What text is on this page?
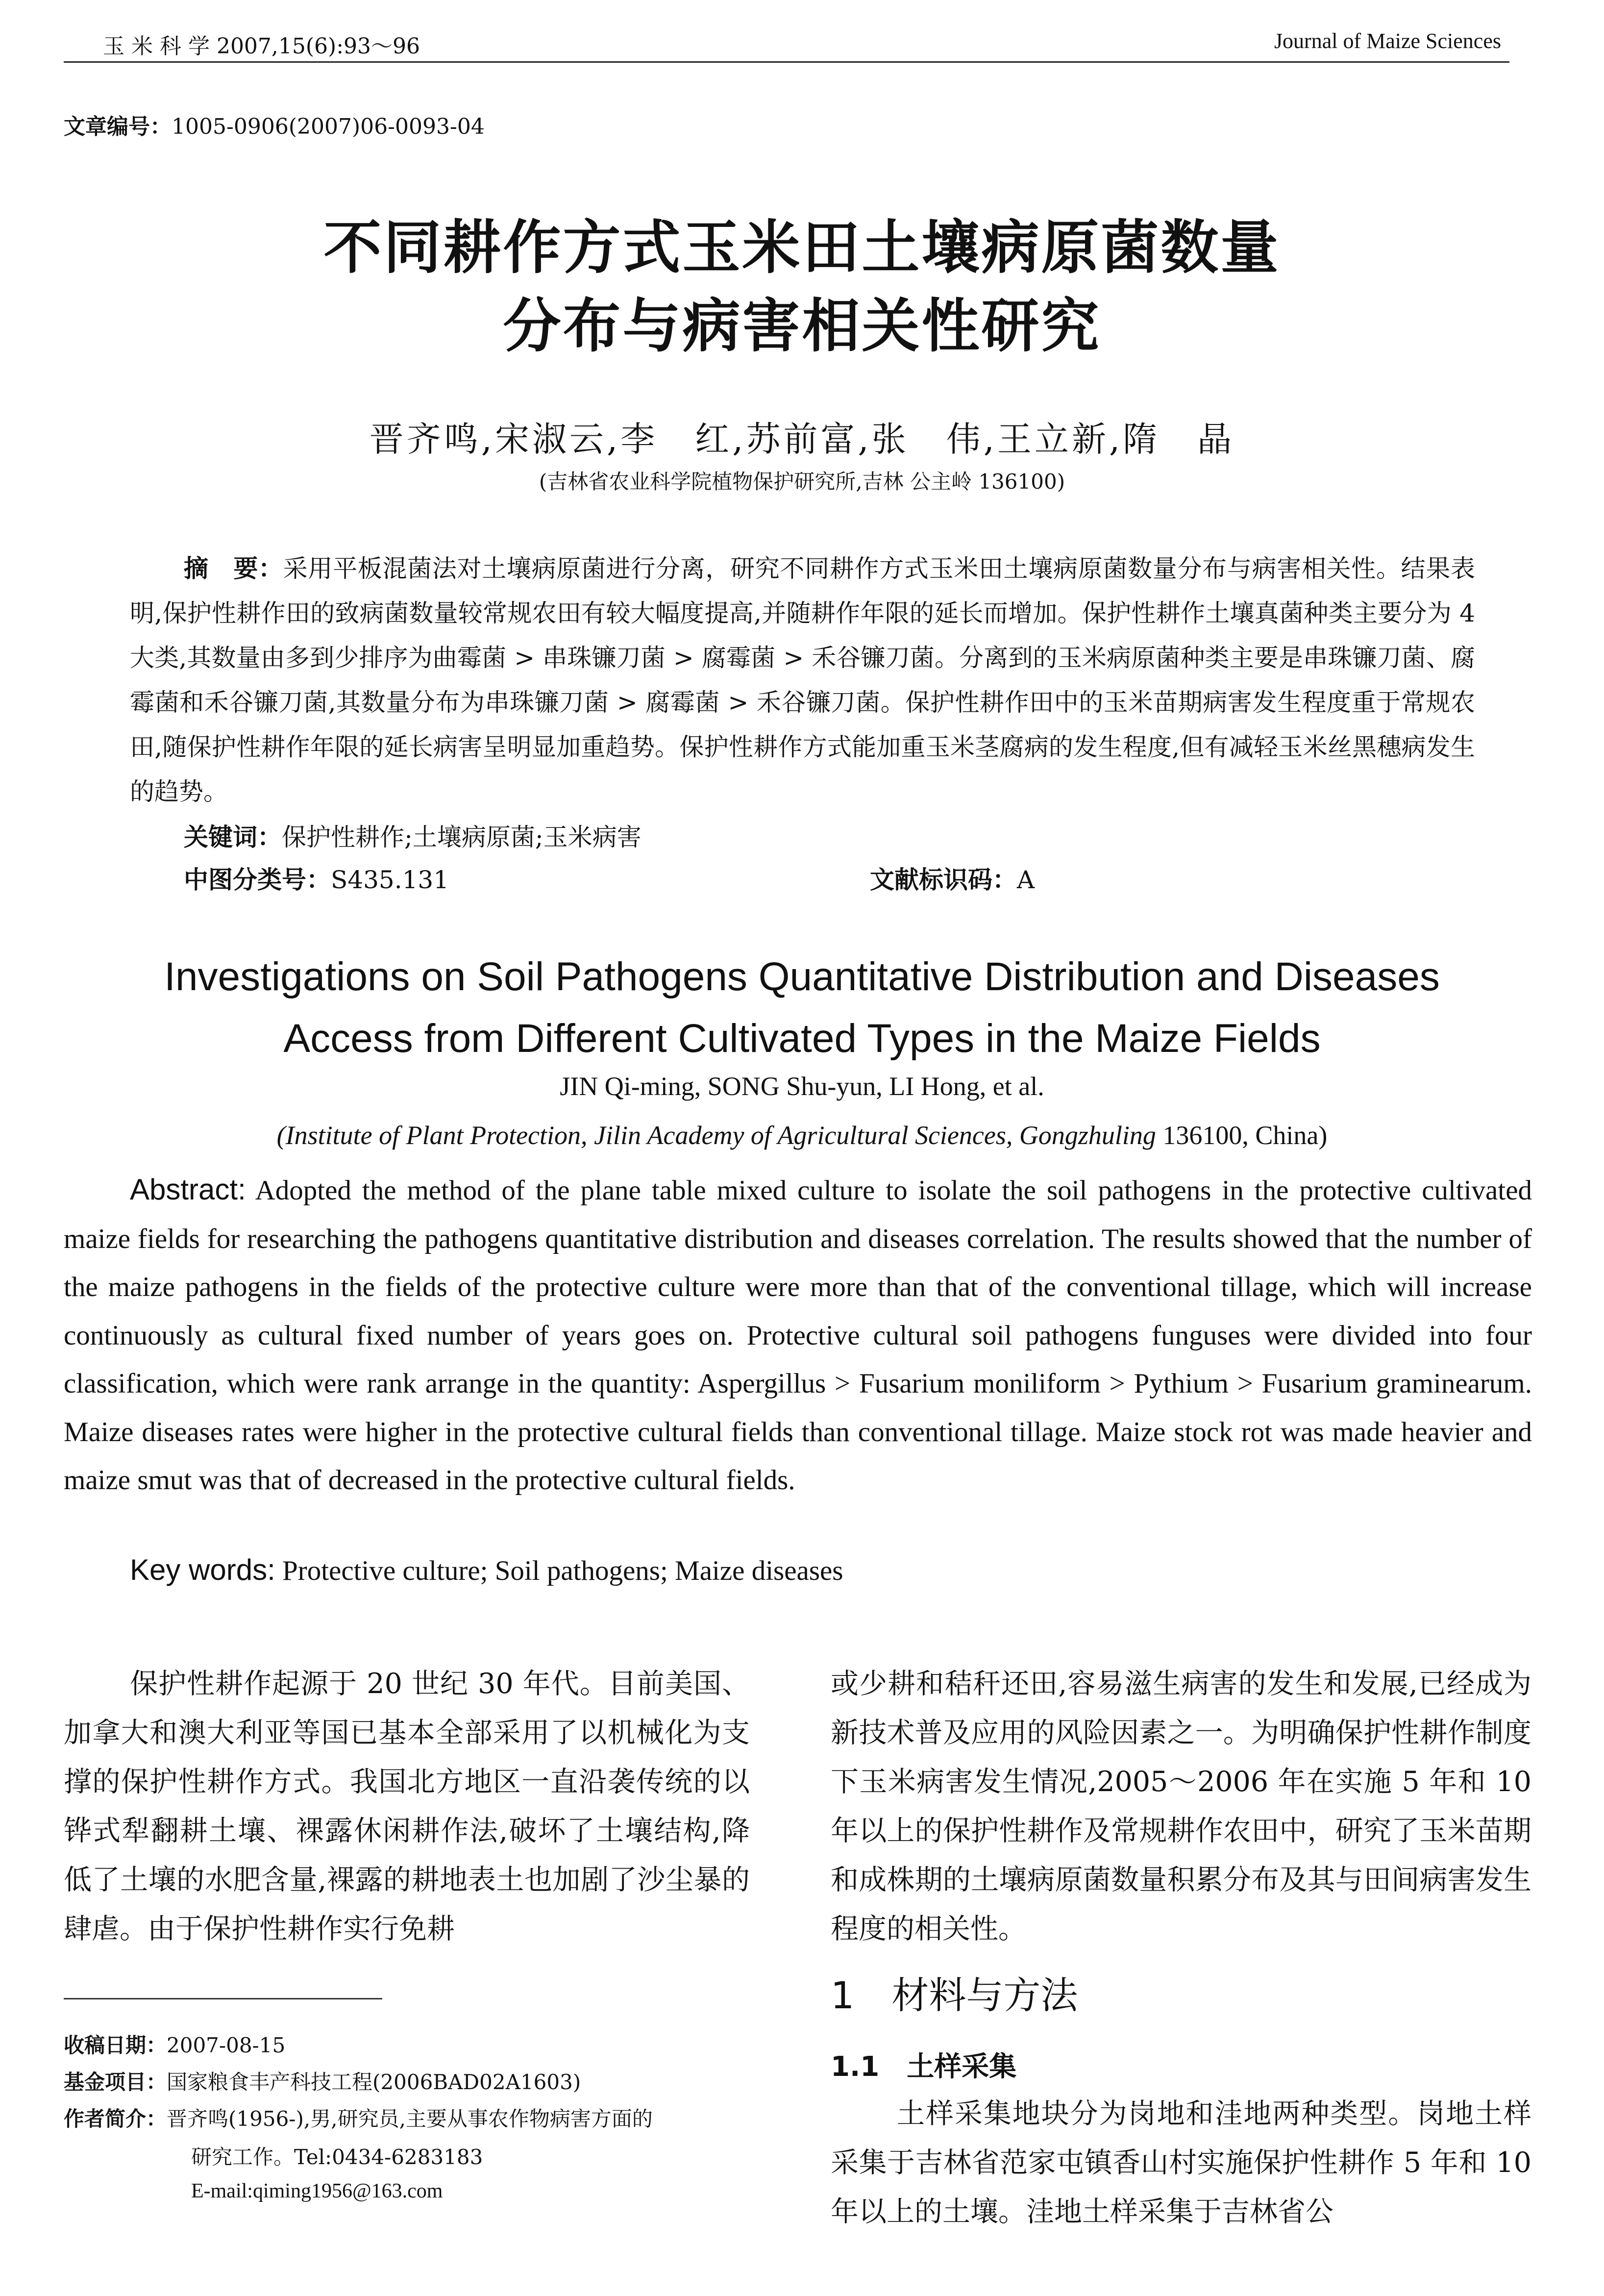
玉 米 科 学 2007,15(6):93～96	Journal of Maize Sciences
文章编号：1005-0906(2007)06-0093-04
不同耕作方式玉米田土壤病原菌数量
分布与病害相关性研究
晋齐鸣,宋淑云,李　红,苏前富,张　伟,王立新,隋　晶
(吉林省农业科学院植物保护研究所,吉林 公主岭 136100)
摘　要：采用平板混菌法对土壤病原菌进行分离，研究不同耕作方式玉米田土壤病原菌数量分布与病害相关性。结果表明,保护性耕作田的致病菌数量较常规农田有较大幅度提高,并随耕作年限的延长而增加。保护性耕作土壤真菌种类主要分为 4 大类,其数量由多到少排序为曲霉菌 > 串珠镰刀菌 > 腐霉菌 > 禾谷镰刀菌。分离到的玉米病原菌种类主要是串珠镰刀菌、腐霉菌和禾谷镰刀菌,其数量分布为串珠镰刀菌 > 腐霉菌 > 禾谷镰刀菌。保护性耕作田中的玉米苗期病害发生程度重于常规农田,随保护性耕作年限的延长病害呈明显加重趋势。保护性耕作方式能加重玉米茎腐病的发生程度,但有减轻玉米丝黑穗病发生的趋势。
关键词：保护性耕作;土壤病原菌;玉米病害
中图分类号：S435.131	文献标识码：A
Investigations on Soil Pathogens Quantitative Distribution and Diseases
Access from Different Cultivated Types in the Maize Fields
JIN Qi-ming, SONG Shu-yun, LI Hong, et al.
(Institute of Plant Protection, Jilin Academy of Agricultural Sciences, Gongzhuling 136100, China)
Abstract: Adopted the method of the plane table mixed culture to isolate the soil pathogens in the protective cultivated maize fields for researching the pathogens quantitative distribution and diseases correlation. The results showed that the number of the maize pathogens in the fields of the protective culture were more than that of the conventional tillage, which will increase continuously as cultural fixed number of years goes on. Protective cultural soil pathogens funguses were divided into four classification, which were rank arrange in the quantity: Aspergillus > Fusarium moniliform > Pythium > Fusarium graminearum. Maize diseases rates were higher in the protective cultural fields than conventional tillage. Maize stock rot was made heavier and maize smut was that of decreased in the protective cultural fields.
Key words: Protective culture; Soil pathogens; Maize diseases
保护性耕作起源于 20 世纪 30 年代。目前美国、加拿大和澳大利亚等国已基本全部采用了以机械化为支撑的保护性耕作方式。我国北方地区一直沿袭传统的以铧式犁翻耕土壤、裸露休闲耕作法,破坏了土壤结构,降低了土壤的水肥含量,裸露的耕地表土也加剧了沙尘暴的肆虐。由于保护性耕作实行免耕
或少耕和秸秆还田,容易滋生病害的发生和发展,已经成为新技术普及应用的风险因素之一。为明确保护性耕作制度下玉米病害发生情况,2005～2006 年在实施 5 年和 10 年以上的保护性耕作及常规耕作农田中，研究了玉米苗期和成株期的土壤病原菌数量积累分布及其与田间病害发生程度的相关性。
1　材料与方法
1.1　土样采集
土样采集地块分为岗地和洼地两种类型。岗地土样采集于吉林省范家屯镇香山村实施保护性耕作 5 年和 10 年以上的土壤。洼地土样采集于吉林省公
收稿日期：2007-08-15
基金项目：国家粮食丰产科技工程(2006BAD02A1603)
作者简介：晋齐鸣(1956-),男,研究员,主要从事农作物病害方面的
研究工作。Tel:0434-6283183
E-mail:qiming1956@163.com
